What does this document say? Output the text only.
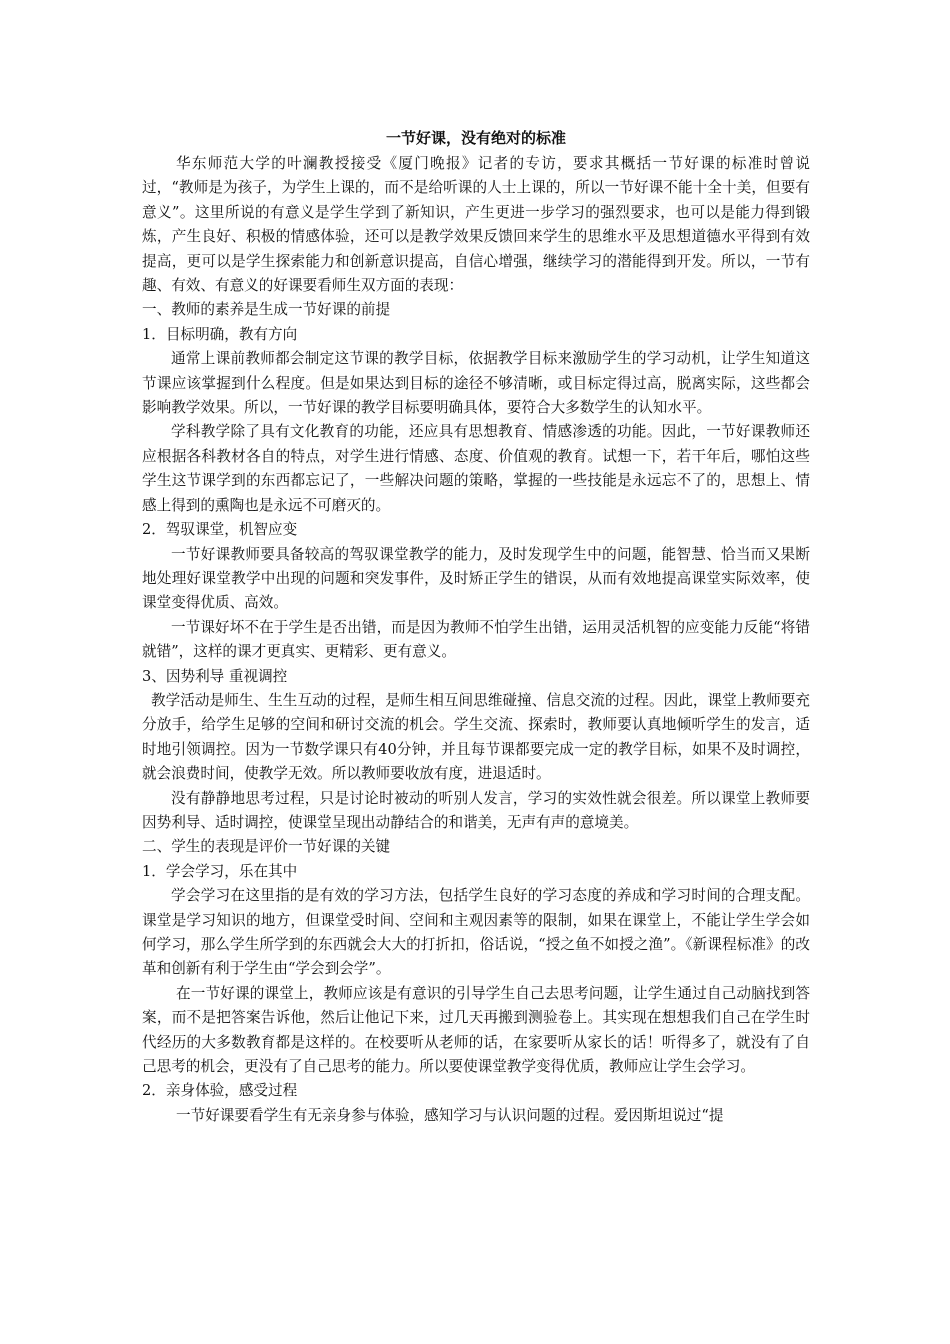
一节好课，没有绝对的标准

华东师范大学的叶澜教授接受《厦门晚报》记者的专访，要求其概括一节好课的标准时曾说过，“教师是为孩子，为学生上课的，而不是给听课的人士上课的，所以一节好课不能十全十美，但要有意义”。这里所说的有意义是学生学到了新知识，产生更进一步学习的强烈要求，也可以是能力得到锻炼，产生良好、积极的情感体验，还可以是教学效果反馈回来学生的思维水平及思想道德水平得到有效提高，更可以是学生探索能力和创新意识提高，自信心增强，继续学习的潜能得到开发。所以，一节有趣、有效、有意义的好课要看师生双方面的表现：

一、教师的素养是生成一节好课的前提

1．目标明确，教有方向

通常上课前教师都会制定这节课的教学目标，依据教学目标来激励学生的学习动机，让学生知道这节课应该掌握到什么程度。但是如果达到目标的途径不够清晰，或目标定得过高，脱离实际，这些都会影响教学效果。所以，一节好课的教学目标要明确具体，要符合大多数学生的认知水平。

学科教学除了具有文化教育的功能，还应具有思想教育、情感渗透的功能。因此，一节好课教师还应根据各科教材各自的特点，对学生进行情感、态度、价值观的教育。试想一下，若干年后，哪怕这些学生这节课学到的东西都忘记了，一些解决问题的策略，掌握的一些技能是永远忘不了的，思想上、情感上得到的熏陶也是永远不可磨灭的。

2．驾驭课堂，机智应变

一节好课教师要具备较高的驾驭课堂教学的能力，及时发现学生中的问题，能智慧、恰当而又果断地处理好课堂教学中出现的问题和突发事件，及时矫正学生的错误，从而有效地提高课堂实际效率，使课堂变得优质、高效。

一节课好坏不在于学生是否出错，而是因为教师不怕学生出错，运用灵活机智的应变能力反能“将错就错”，这样的课才更真实、更精彩、更有意义。

3、因势利导 重视调控

教学活动是师生、生生互动的过程，是师生相互间思维碰撞、信息交流的过程。因此，课堂上教师要充分放手，给学生足够的空间和研讨交流的机会。学生交流、探索时，教师要认真地倾听学生的发言，适时地引领调控。因为一节数学课只有40分钟，并且每节课都要完成一定的教学目标，如果不及时调控，就会浪费时间，使教学无效。所以教师要收放有度，进退适时。

没有静静地思考过程，只是讨论时被动的听别人发言，学习的实效性就会很差。所以课堂上教师要因势利导、适时调控，使课堂呈现出动静结合的和谐美，无声有声的意境美。

二、学生的表现是评价一节好课的关键

1．学会学习，乐在其中

学会学习在这里指的是有效的学习方法，包括学生良好的学习态度的养成和学习时间的合理支配。课堂是学习知识的地方，但课堂受时间、空间和主观因素等的限制，如果在课堂上，不能让学生学会如何学习，那么学生所学到的东西就会大大的打折扣，俗话说，“授之鱼不如授之渔”。《新课程标准》的改革和创新有利于学生由“学会到会学”。

在一节好课的课堂上，教师应该是有意识的引导学生自己去思考问题，让学生通过自己动脑找到答案，而不是把答案告诉他，然后让他记下来，过几天再搬到测验卷上。其实现在想想我们自己在学生时代经历的大多数教育都是这样的。在校要听从老师的话，在家要听从家长的话！听得多了，就没有了自己思考的机会，更没有了自己思考的能力。所以要使课堂教学变得优质，教师应让学生会学习。

2．亲身体验，感受过程

一节好课要看学生有无亲身参与体验，感知学习与认识问题的过程。爱因斯坦说过“提
